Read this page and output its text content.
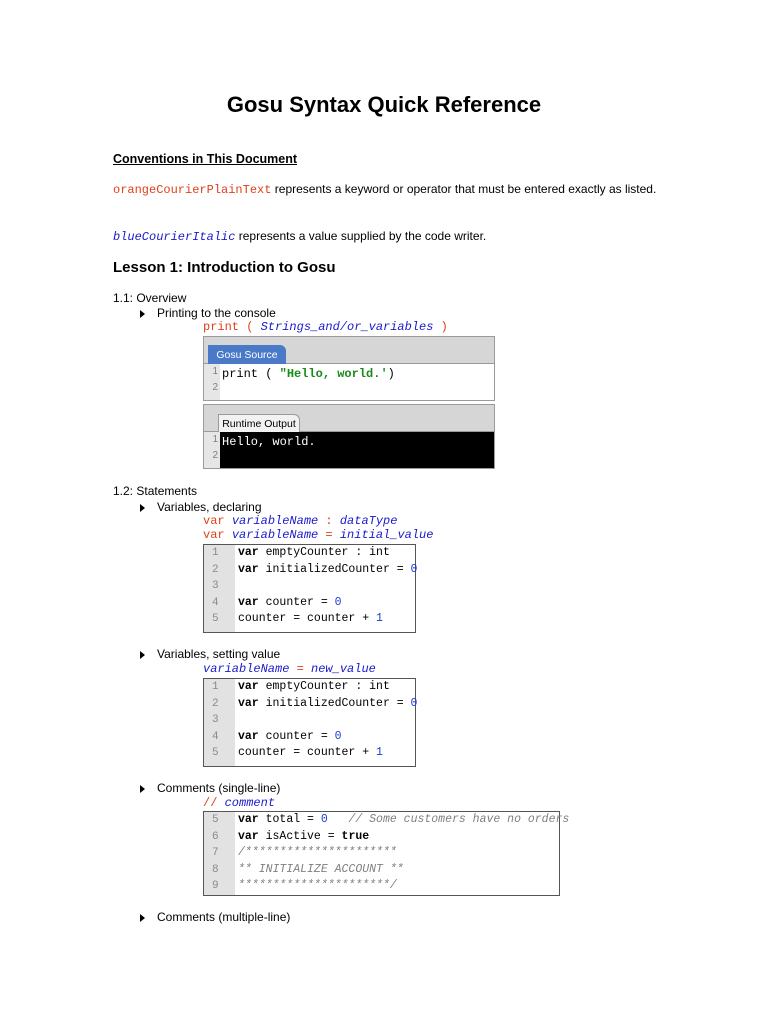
Gosu Syntax Quick Reference
Conventions in This Document
orangeCourierPlainText represents a keyword or operator that must be entered exactly as listed.
blueCourierItalic represents a value supplied by the code writer.
Lesson 1: Introduction to Gosu
1.1: Overview
Printing to the console
print ( Strings_and/or_variables )
Gosu Source
1
2
print ( "Hello, world.')
Runtime Output
1
2
Hello, world.
1.2: Statements
Variables, declaring
var variableName : dataType
var variableName = initial_value
1 var emptyCounter : int
2 var initializedCounter = 0
3
4 var counter = 0
5 counter = counter + 1
Variables, setting value
variableName = new_value
1 var emptyCounter : int
2 var initializedCounter = 0
3
4 var counter = 0
5 counter = counter + 1
Comments (single-line)
// comment
5 var total = 0   // Some customers have no orders
6 var isActive = true
7 /**********************
8 ** INITIALIZE ACCOUNT **
9 **********************/
Comments (multiple-line)
